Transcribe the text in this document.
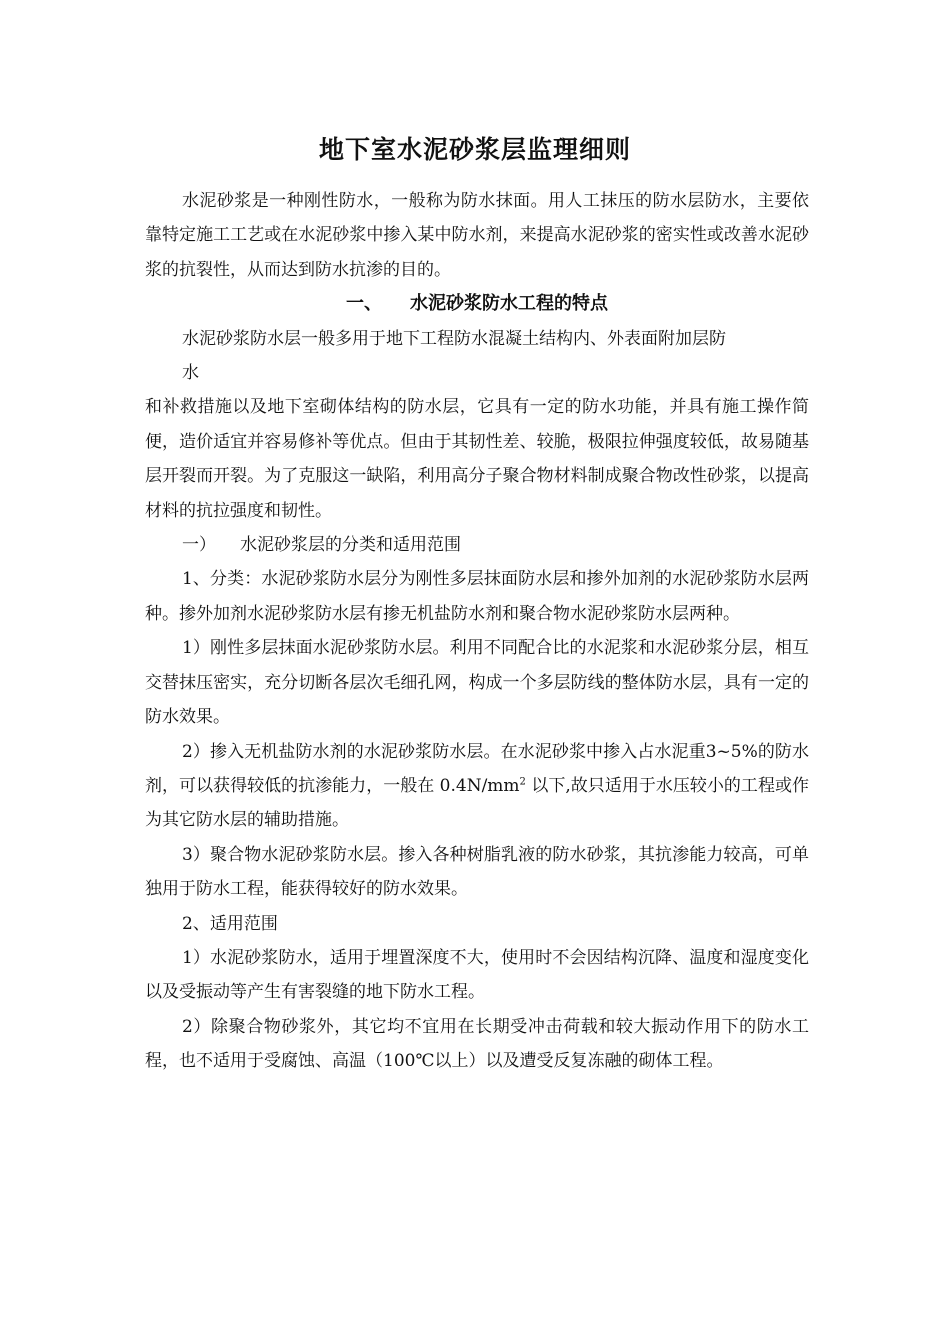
地下室水泥砂浆层监理细则

水泥砂浆是一种刚性防水，一般称为防水抹面。用人工抹压的防水层防水，主要依靠特定施工工艺或在水泥砂浆中掺入某中防水剂，来提高水泥砂浆的密实性或改善水泥砂浆的抗裂性，从而达到防水抗渗的目的。

一、 水泥砂浆防水工程的特点

水泥砂浆防水层一般多用于地下工程防水混凝土结构内、外表面附加层防

水

和补救措施以及地下室砌体结构的防水层，它具有一定的防水功能，并具有施工操作简便，造价适宜并容易修补等优点。但由于其韧性差、较脆，极限拉伸强度较低，故易随基层开裂而开裂。为了克服这一缺陷，利用高分子聚合物材料制成聚合物改性砂浆，以提高材料的抗拉强度和韧性。

一） 水泥砂浆层的分类和适用范围

1、分类：水泥砂浆防水层分为刚性多层抹面防水层和掺外加剂的水泥砂浆防水层两种。掺外加剂水泥砂浆防水层有掺无机盐防水剂和聚合物水泥砂浆防水层两种。

1）刚性多层抹面水泥砂浆防水层。利用不同配合比的水泥浆和水泥砂浆分层，相互交替抹压密实，充分切断各层次毛细孔网，构成一个多层防线的整体防水层，具有一定的防水效果。

2）掺入无机盐防水剂的水泥砂浆防水层。在水泥砂浆中掺入占水泥重3~5%的防水剂，可以获得较低的抗渗能力，一般在 $0.4N/mm^2$ 以下,故只适用于水压较小的工程或作为其它防水层的辅助措施。

3）聚合物水泥砂浆防水层。掺入各种树脂乳液的防水砂浆，其抗渗能力较高，可单独用于防水工程，能获得较好的防水效果。

2、适用范围

1）水泥砂浆防水，适用于埋置深度不大，使用时不会因结构沉降、温度和湿度变化以及受振动等产生有害裂缝的地下防水工程。

2）除聚合物砂浆外，其它均不宜用在长期受冲击荷载和较大振动作用下的防水工程，也不适用于受腐蚀、高温（100℃以上）以及遭受反复冻融的砌体工程。
